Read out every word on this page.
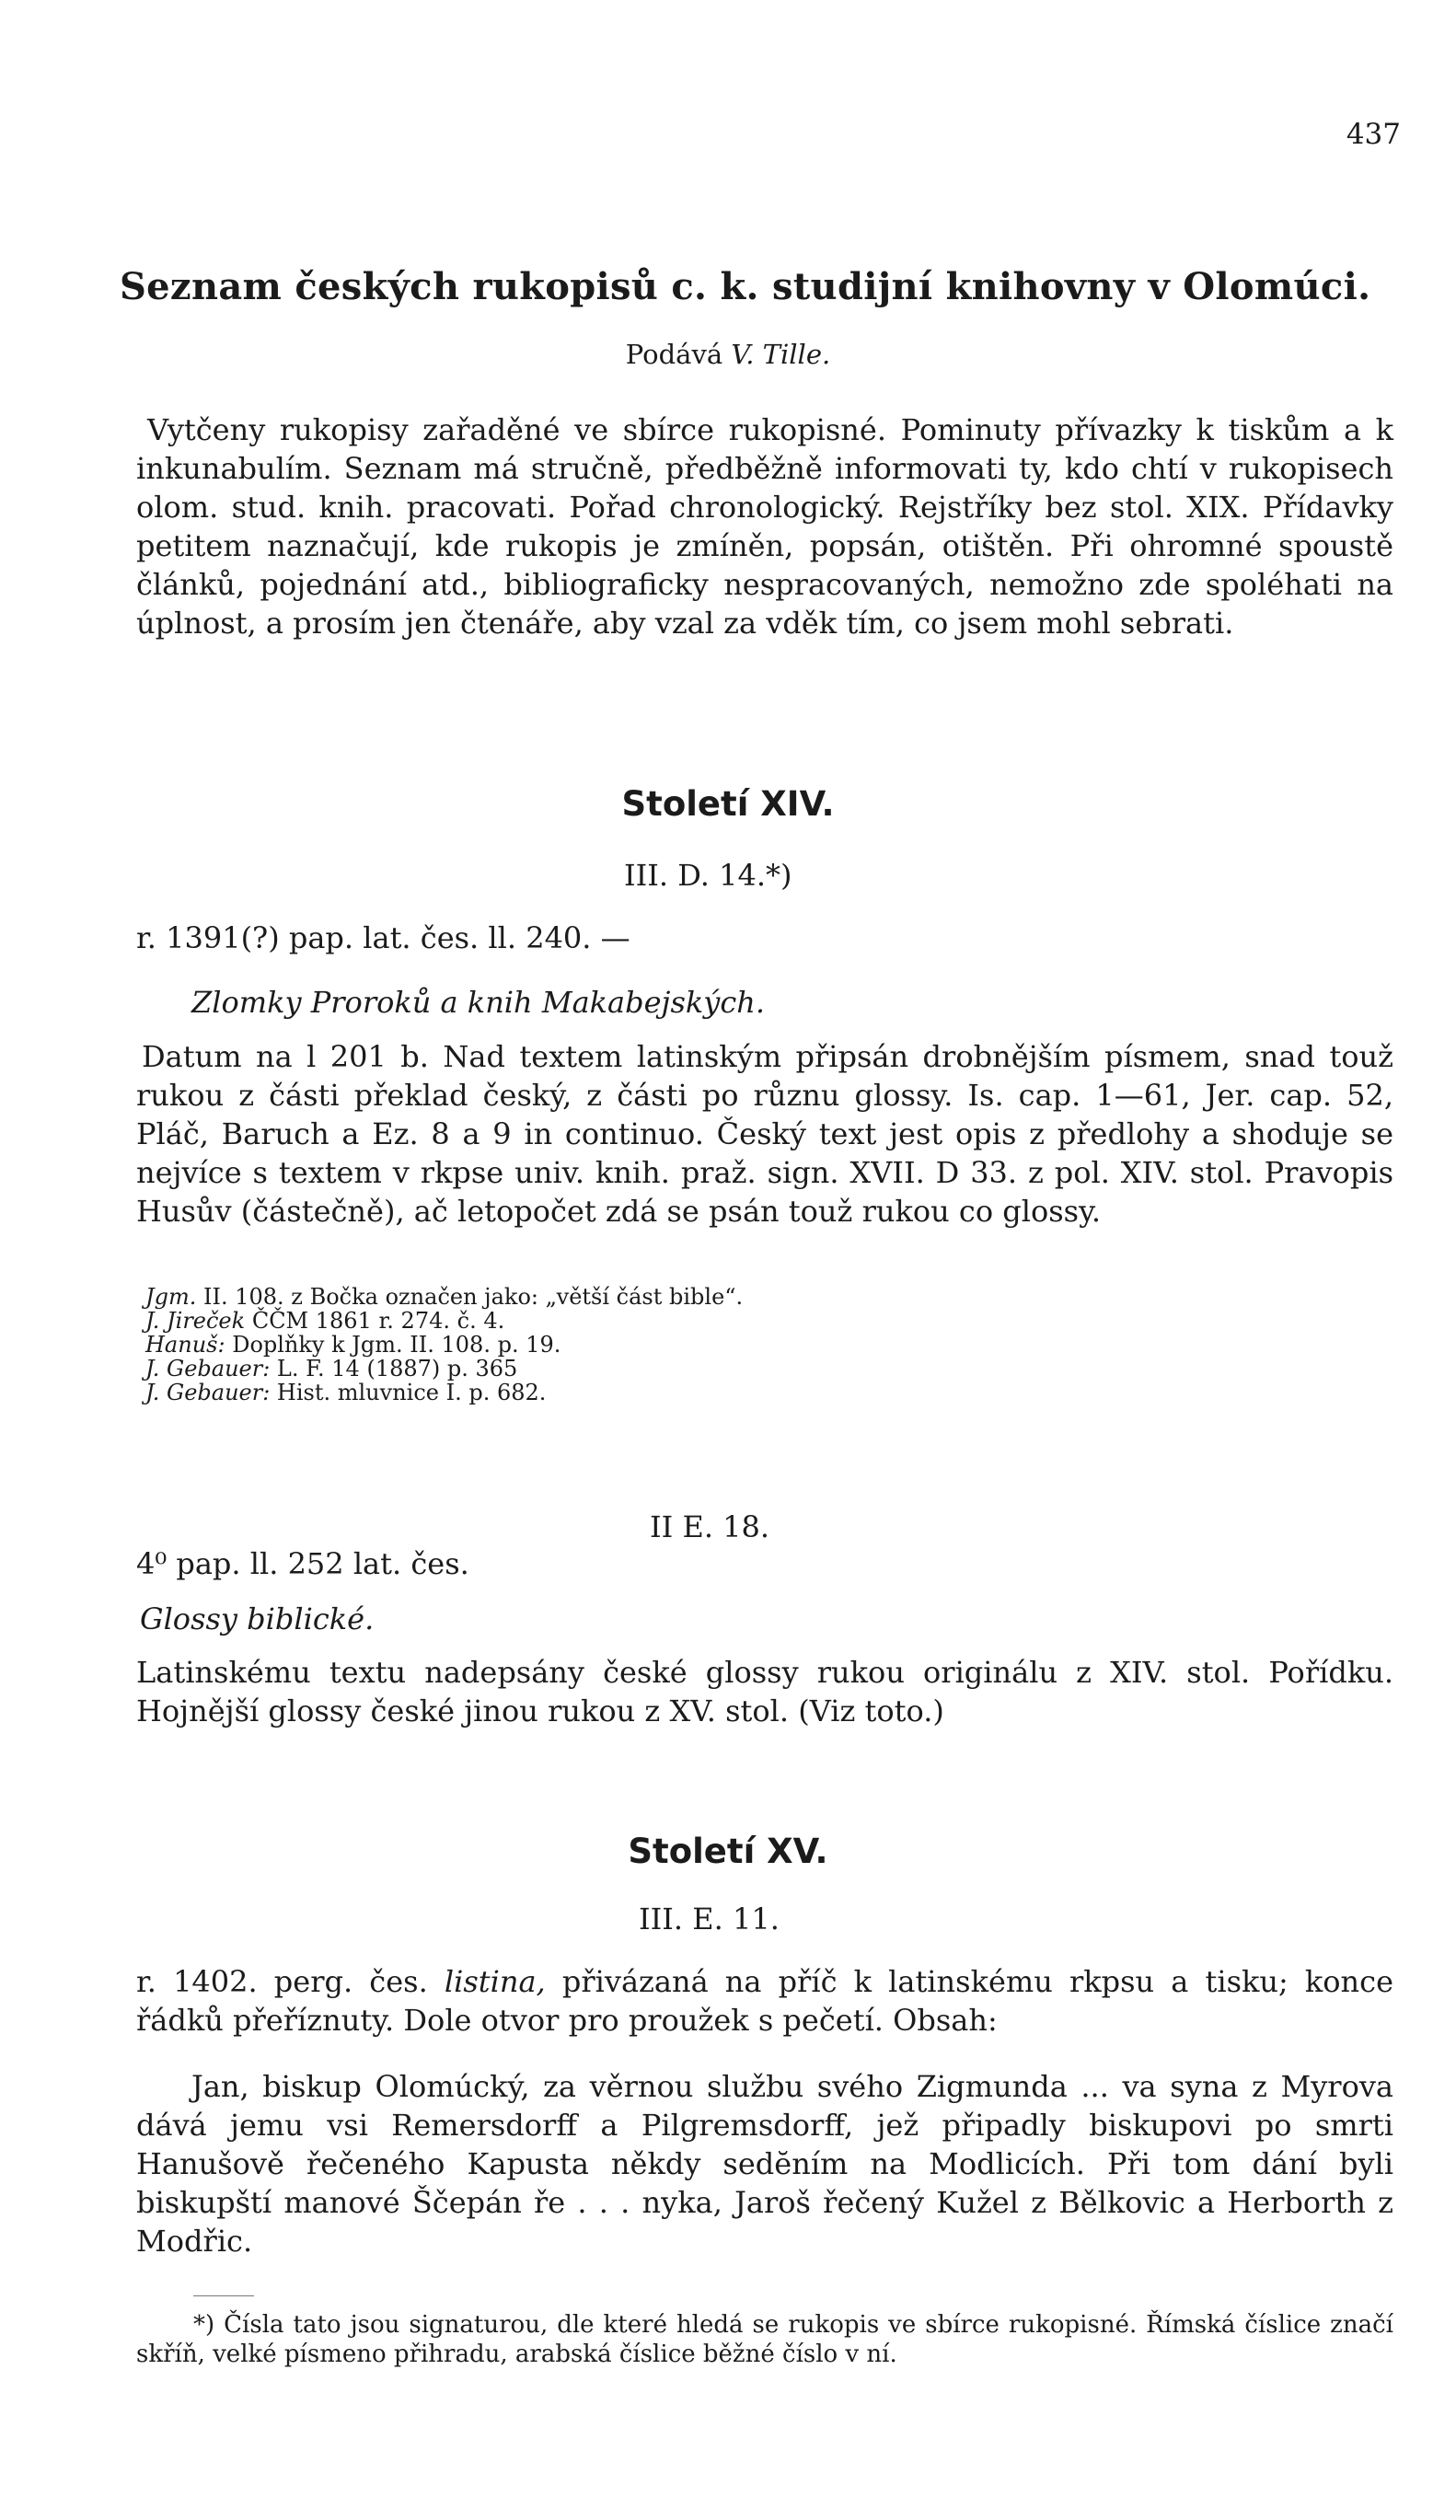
437
Seznam českých rukopisů c. k. studijní knihovny v Olomúci.
Podává V. Tille.
Vytčeny rukopisy zařaděné ve sbírce rukopisné. Pominuty přívazky k tiskům a k inkunabulím. Seznam má stručně, předběžně informovati ty, kdo chtí v rukopisech olom. stud. knih. pracovati. Pořad chronologický. Rejstříky bez stol. XIX. Přídavky petitem naznačují, kde rukopis je zmíněn, popsán, otištěn. Při ohromné spoustě článků, pojednání atd., bibliograficky nespracovaných, nemožno zde spoléhati na úplnost, a prosím jen čtenáře, aby vzal za vděk tím, co jsem mohl sebrati.
Století XIV.
III. D. 14.*)
r. 1391(?) pap. lat. čes. ll. 240. —
Zlomky Proroků a knih Makabejských.
Datum na l 201 b. Nad textem latinským připsán drobnějším písmem, snad touž rukou z části překlad český, z části po různu glossy. Is. cap. 1—61, Jer. cap. 52, Pláč, Baruch a Ez. 8 a 9 in continuo. Český text jest opis z předlohy a shoduje se nejvíce s textem v rkpse univ. knih. praž. sign. XVII. D 33. z pol. XIV. stol. Pravopis Husův (částečně), ač letopočet zdá se psán touž rukou co glossy.
Jgm. II. 108. z Bočka označen jako: „větší část bible“.
J. Jireček ČČM 1861 r. 274. č. 4.
Hanuš: Doplňky k Jgm. II. 108. p. 19.
J. Gebauer: L. F. 14 (1887) p. 365
J. Gebauer: Hist. mluvnice I. p. 682.
II E. 18.
4⁰ pap. ll. 252 lat. čes.
Glossy biblické.
Latinskému textu nadepsány české glossy rukou originálu z XIV. stol. Pořídku. Hojnější glossy české jinou rukou z XV. stol. (Viz toto.)
Století XV.
III. E. 11.
r. 1402. perg. čes. listina, přivázaná na příč k latinskému rkpsu a tisku; konce řádků přeříznuty. Dole otvor pro proužek s pečetí. Obsah:
Jan, biskup Olomúcký, za věrnou službu svého Zigmunda ... va syna z Myrova dává jemu vsi Remersdorff a Pilgremsdorff, jež připadly biskupovi po smrti Hanušově řečeného Kapusta někdy sedĕním na Modlicích. Při tom dání byli biskupští manové Ščepán ře . . . nyka, Jaroš řečený Kužel z Bělkovic a Herborth z Modřic.
*) Čísla tato jsou signaturou, dle které hledá se rukopis ve sbírce rukopisné. Římská číslice značí skříň, velké písmeno přihradu, arabská číslice běžné číslo v ní.
